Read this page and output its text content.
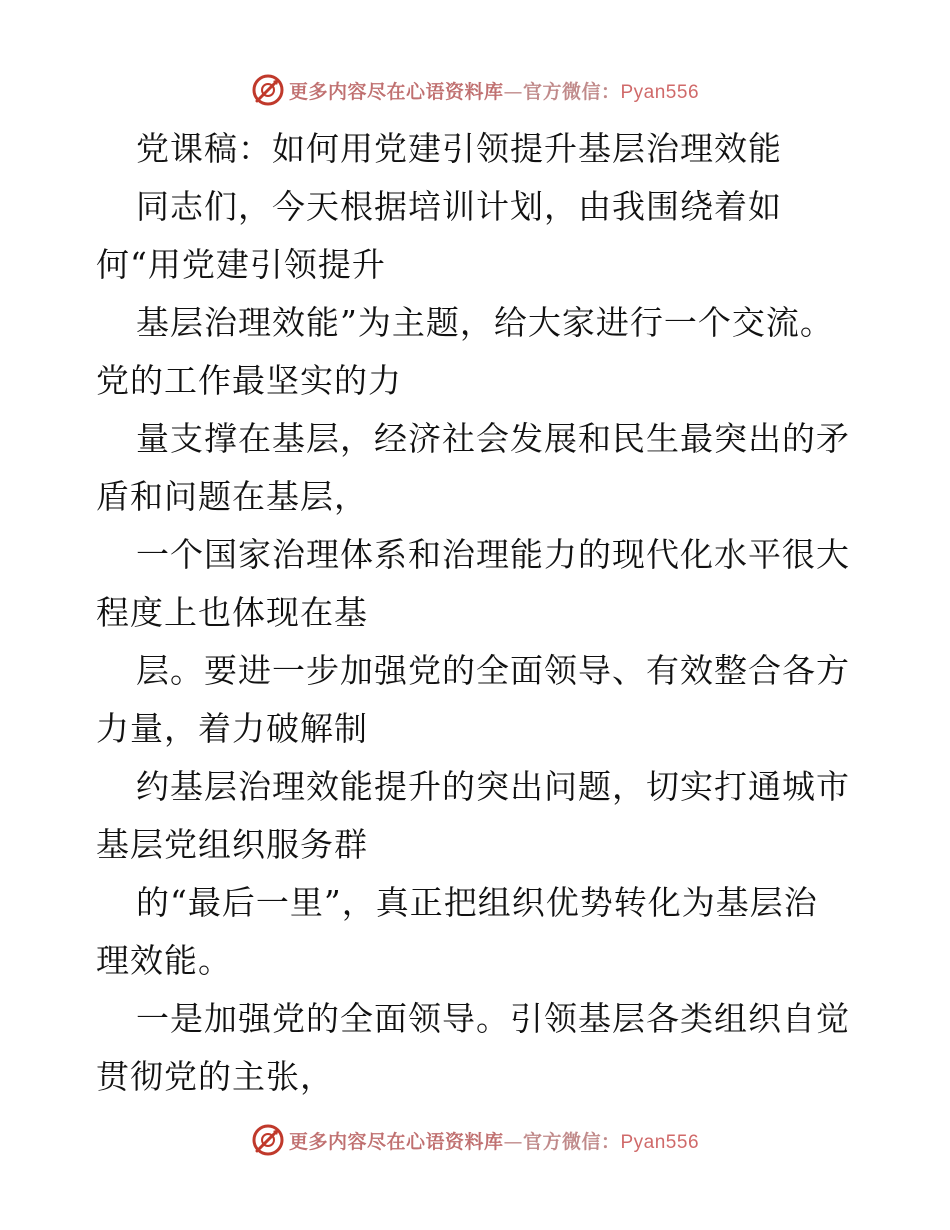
更多内容尽在心语资料库—官方微信：Pyan556
党课稿：如何用党建引领提升基层治理效能
同志们，今天根据培训计划，由我围绕着如
何“用党建引领提升
基层治理效能”为主题，给大家进行一个交流。
党的工作最坚实的力
量支撑在基层，经济社会发展和民生最突出的矛
盾和问题在基层，
一个国家治理体系和治理能力的现代化水平很大
程度上也体现在基
层。要进一步加强党的全面领导、有效整合各方
力量，着力破解制
约基层治理效能提升的突出问题，切实打通城市
基层党组织服务群
的“最后一里”，真正把组织优势转化为基层治
理效能。
一是加强党的全面领导。引领基层各类组织自觉
贯彻党的主张，
更多内容尽在心语资料库—官方微信：Pyan556
